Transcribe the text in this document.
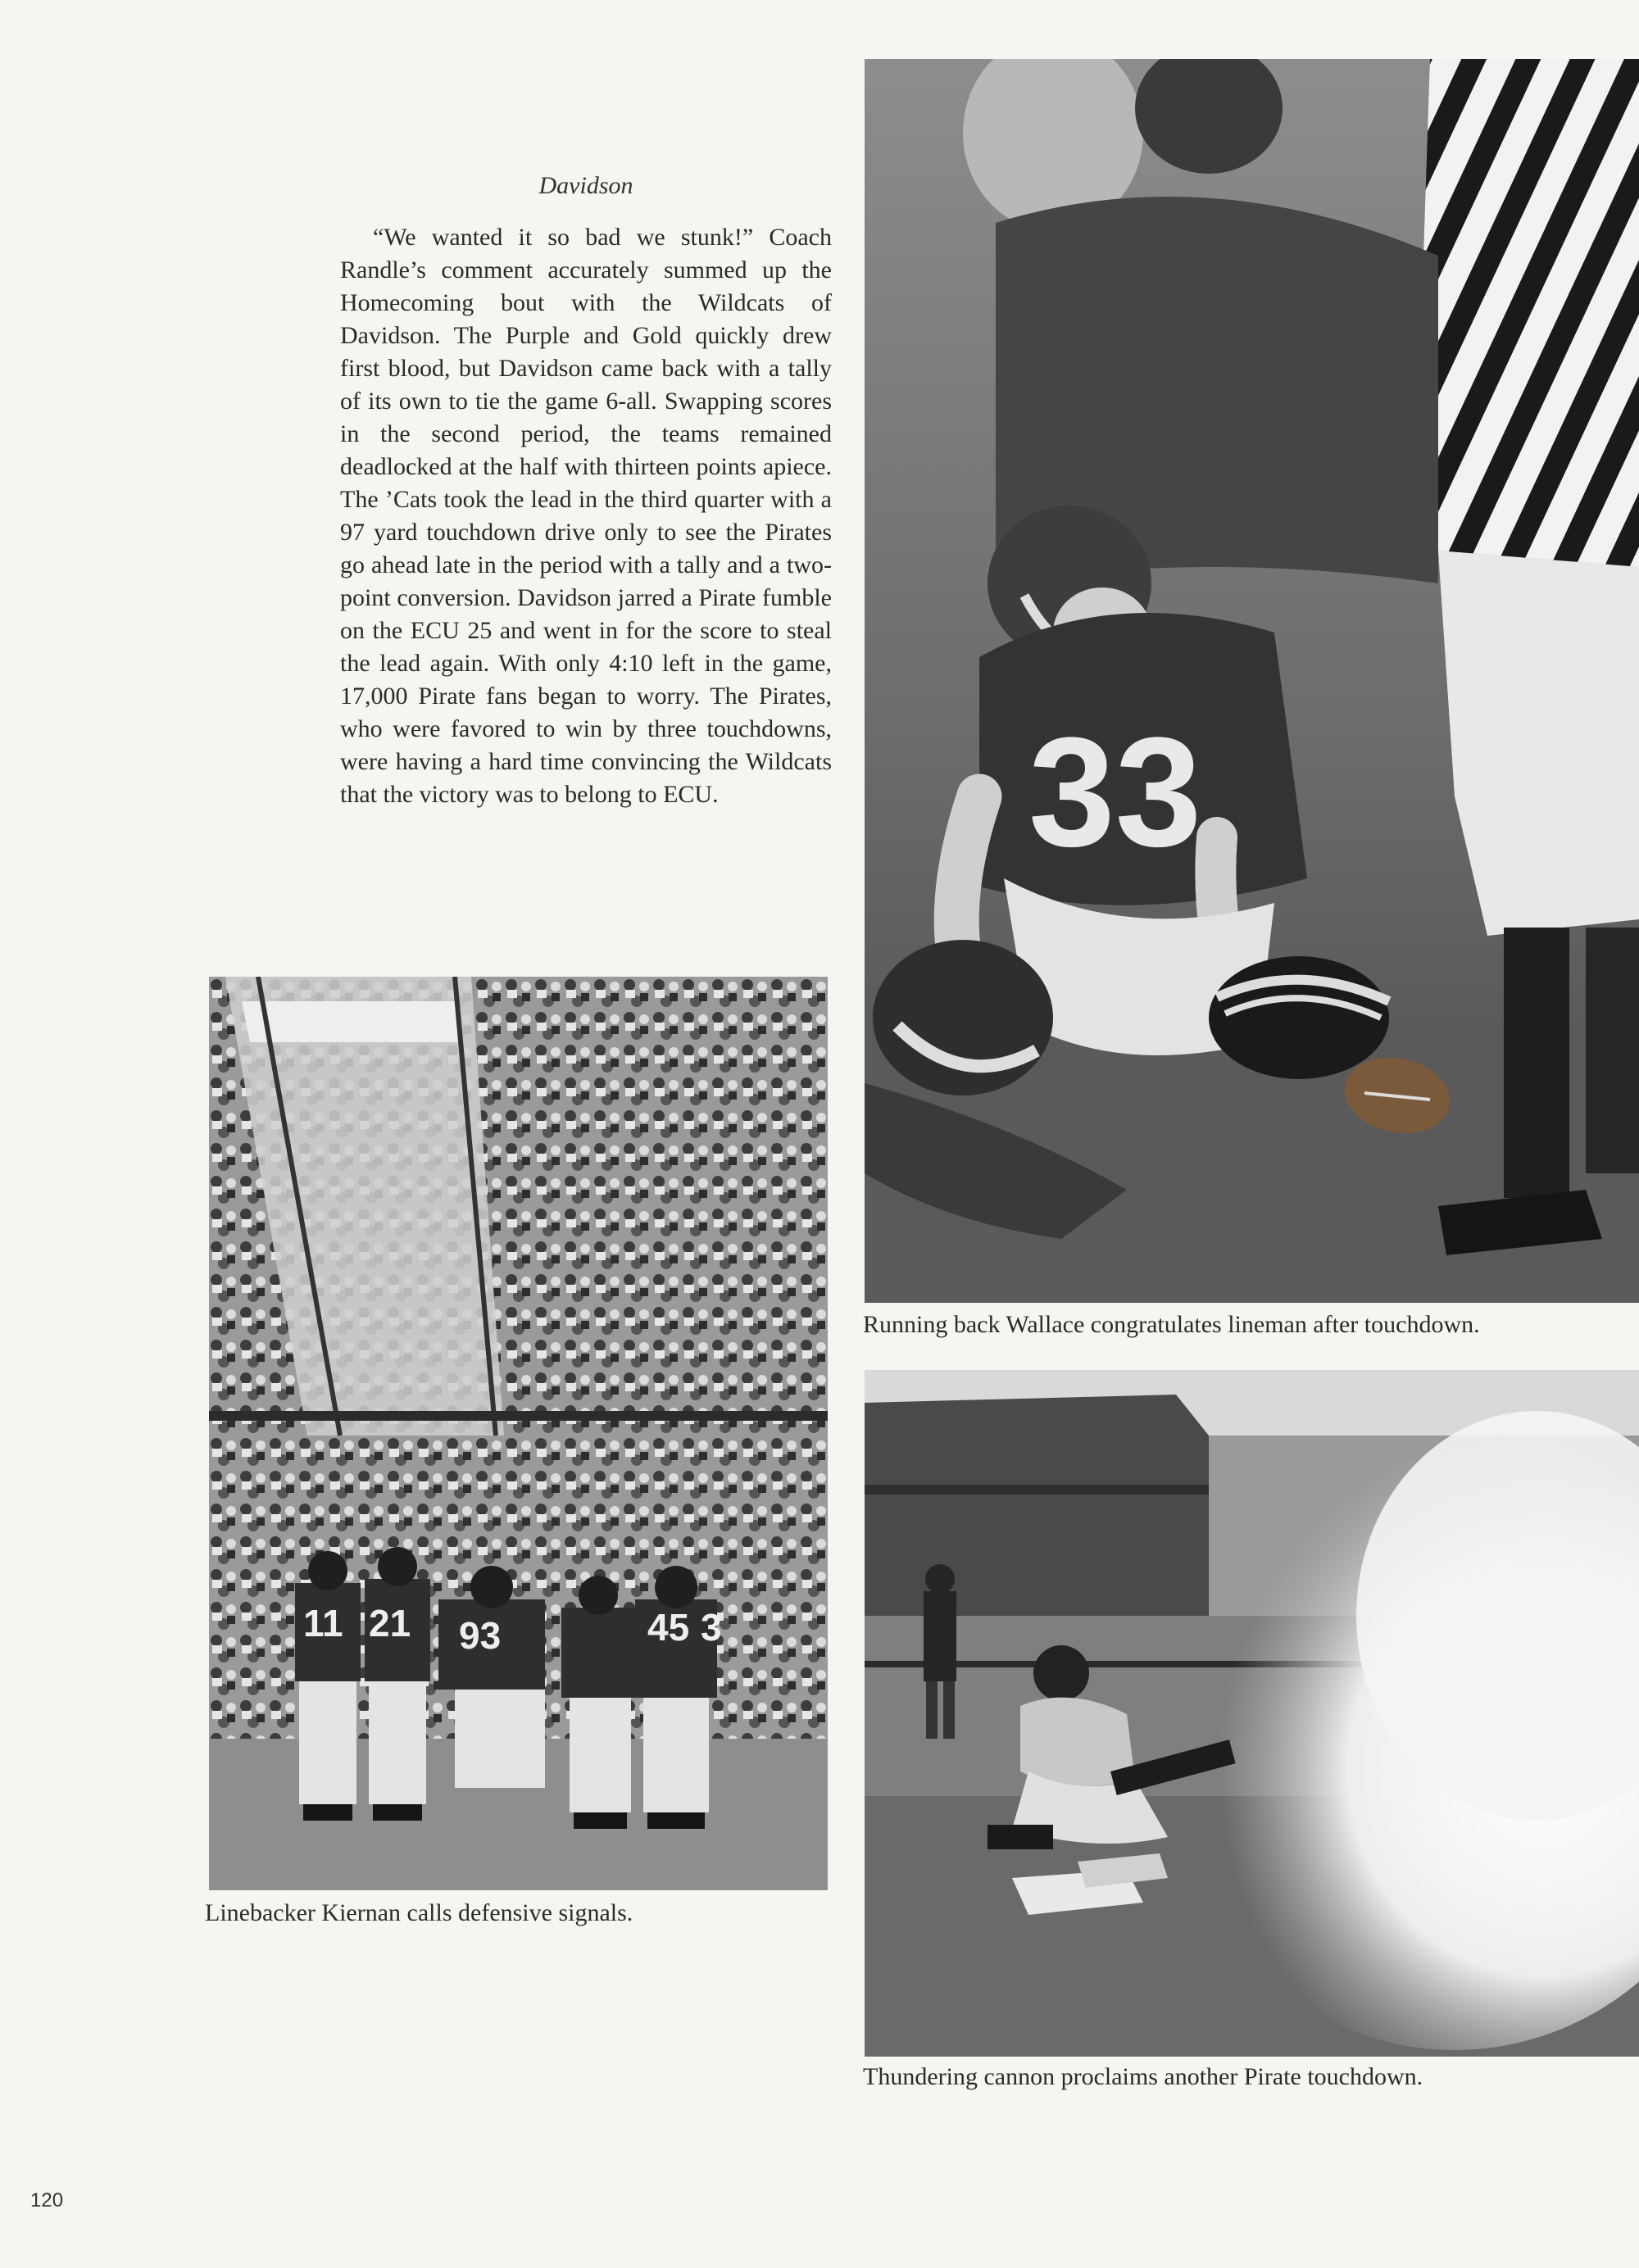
Davidson

“We wanted it so bad we stunk!” Coach Randle’s comment accurately summed up the Homecoming bout with the Wildcats of Davidson. The Purple and Gold quickly drew first blood, but Davidson came back with a tally of its own to tie the game 6-all. Swapping scores in the second period, the teams remained deadlocked at the half with thirteen points apiece. The ’Cats took the lead in the third quarter with a 97 yard touchdown drive only to see the Pirates go ahead late in the period with a tally and a two-point conversion. Davidson jarred a Pirate fumble on the ECU 25 and went in for the score to steal the lead again. With only 4:10 left in the game, 17,000 Pirate fans began to worry. The Pirates, who were favored to win by three touchdowns, were having a hard time convincing the Wildcats that the victory was to belong to ECU.	33
Running back Wallace congratulates lineman after touchdown.
11 21 93	45 3
Linebacker Kiernan calls defensive signals.
Thundering cannon proclaims another Pirate touchdown.
120
